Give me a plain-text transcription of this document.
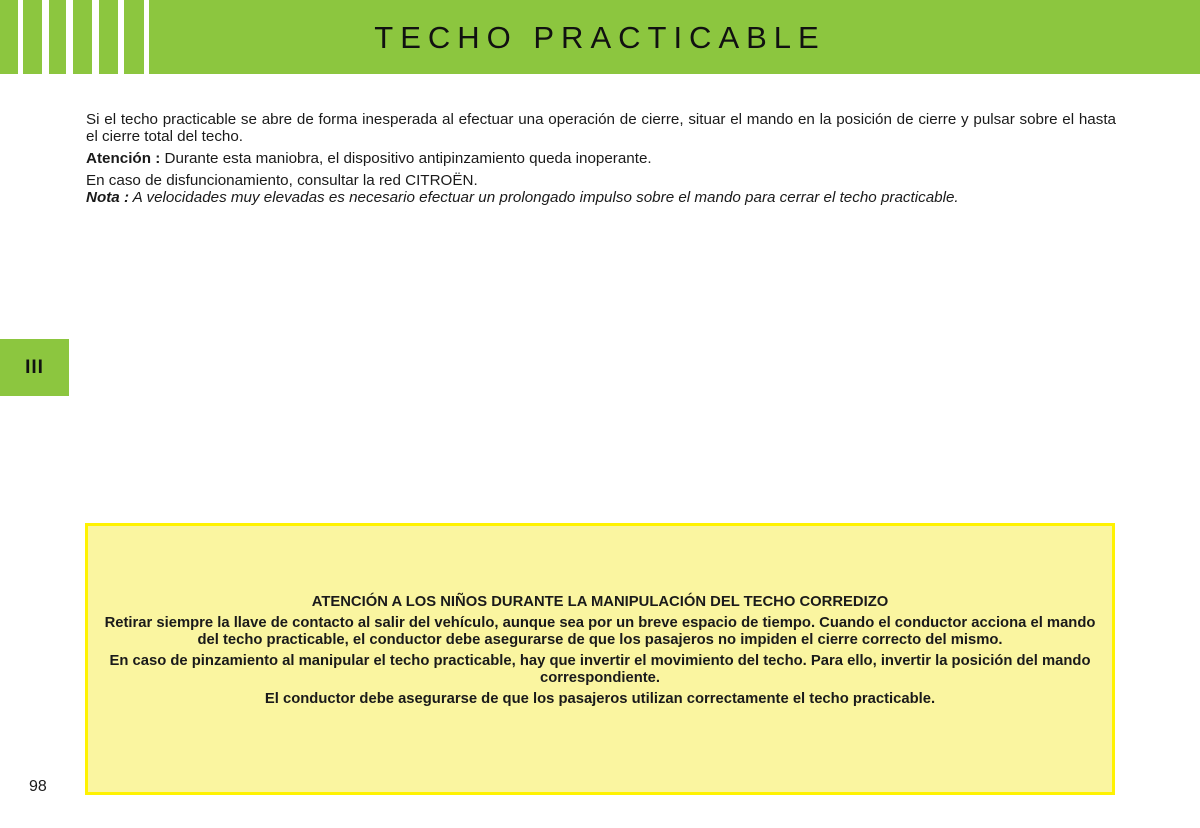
TECHO PRACTICABLE
III

Si el techo practicable se abre de forma inesperada al efectuar una operación de cierre, situar el mando en la posición de cierre y pulsar sobre el hasta el cierre total del techo.

Atención : Durante esta maniobra, el dispositivo antipinzamiento queda inoperante.

En caso de disfuncionamiento, consultar la red CITROËN.

Nota : A velocidades muy elevadas es necesario efectuar un prolongado impulso sobre el mando para cerrar el techo practicable.

ATENCIÓN A LOS NIÑOS DURANTE LA MANIPULACIÓN DEL TECHO CORREDIZO

Retirar siempre la llave de contacto al salir del vehículo, aunque sea por un breve espacio de tiempo. Cuando el conductor acciona el mando del techo practicable, el conductor debe asegurarse de que los pasajeros no impiden el cierre correcto del mismo.

En caso de pinzamiento al manipular el techo practicable, hay que invertir el movimiento del techo. Para ello, invertir la posición del mando correspondiente.

El conductor debe asegurarse de que los pasajeros utilizan correctamente el techo practicable.

98
